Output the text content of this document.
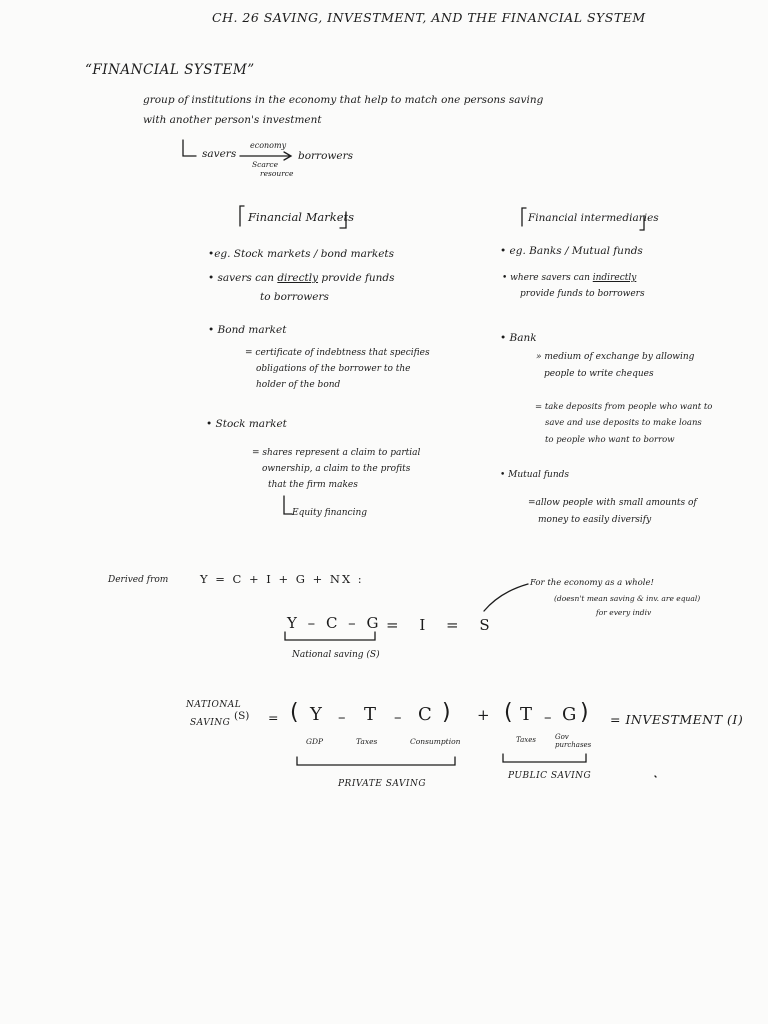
CH. 26 SAVING, INVESTMENT, AND THE FINANCIAL SYSTEM
“FINANCIAL SYSTEM”
group of institutions in the economy that help to match one persons saving
with another person's investment
savers
economy
Scarce
resource
borrowers
Financial Markets
•eg. Stock markets / bond markets
• savers can directly provide funds
to borrowers
• Bond market
= certificate of indebtness that specifies
obligations of the borrower to the
holder of the bond
• Stock market
= shares represent a claim to partial
ownership, a claim to the profits
that the firm makes
Equity financing
Financial intermediaries
• eg. Banks / Mutual funds
• where savers can indirectly
provide funds to borrowers
• Bank
» medium of exchange by allowing
people to write cheques
= take deposits from people who want to
save and use deposits to make loans
to people who want to borrow
• Mutual funds
=allow people with small amounts of
money to easily diversify
Derived from	Y = C + I + G + NX :	For the economy as a whole!
(doesn't mean saving & inv. are equal)
for every indiv
Y – C – G = I = S
National saving (S)
NATIONAL
SAVING
(S) = ( Y – T – C ) + ( T – G ) = INVESTMENT (I)
GDP	Taxes	Consumption	Taxes	Gov purchases
PRIVATE SAVING
PUBLIC SAVING
